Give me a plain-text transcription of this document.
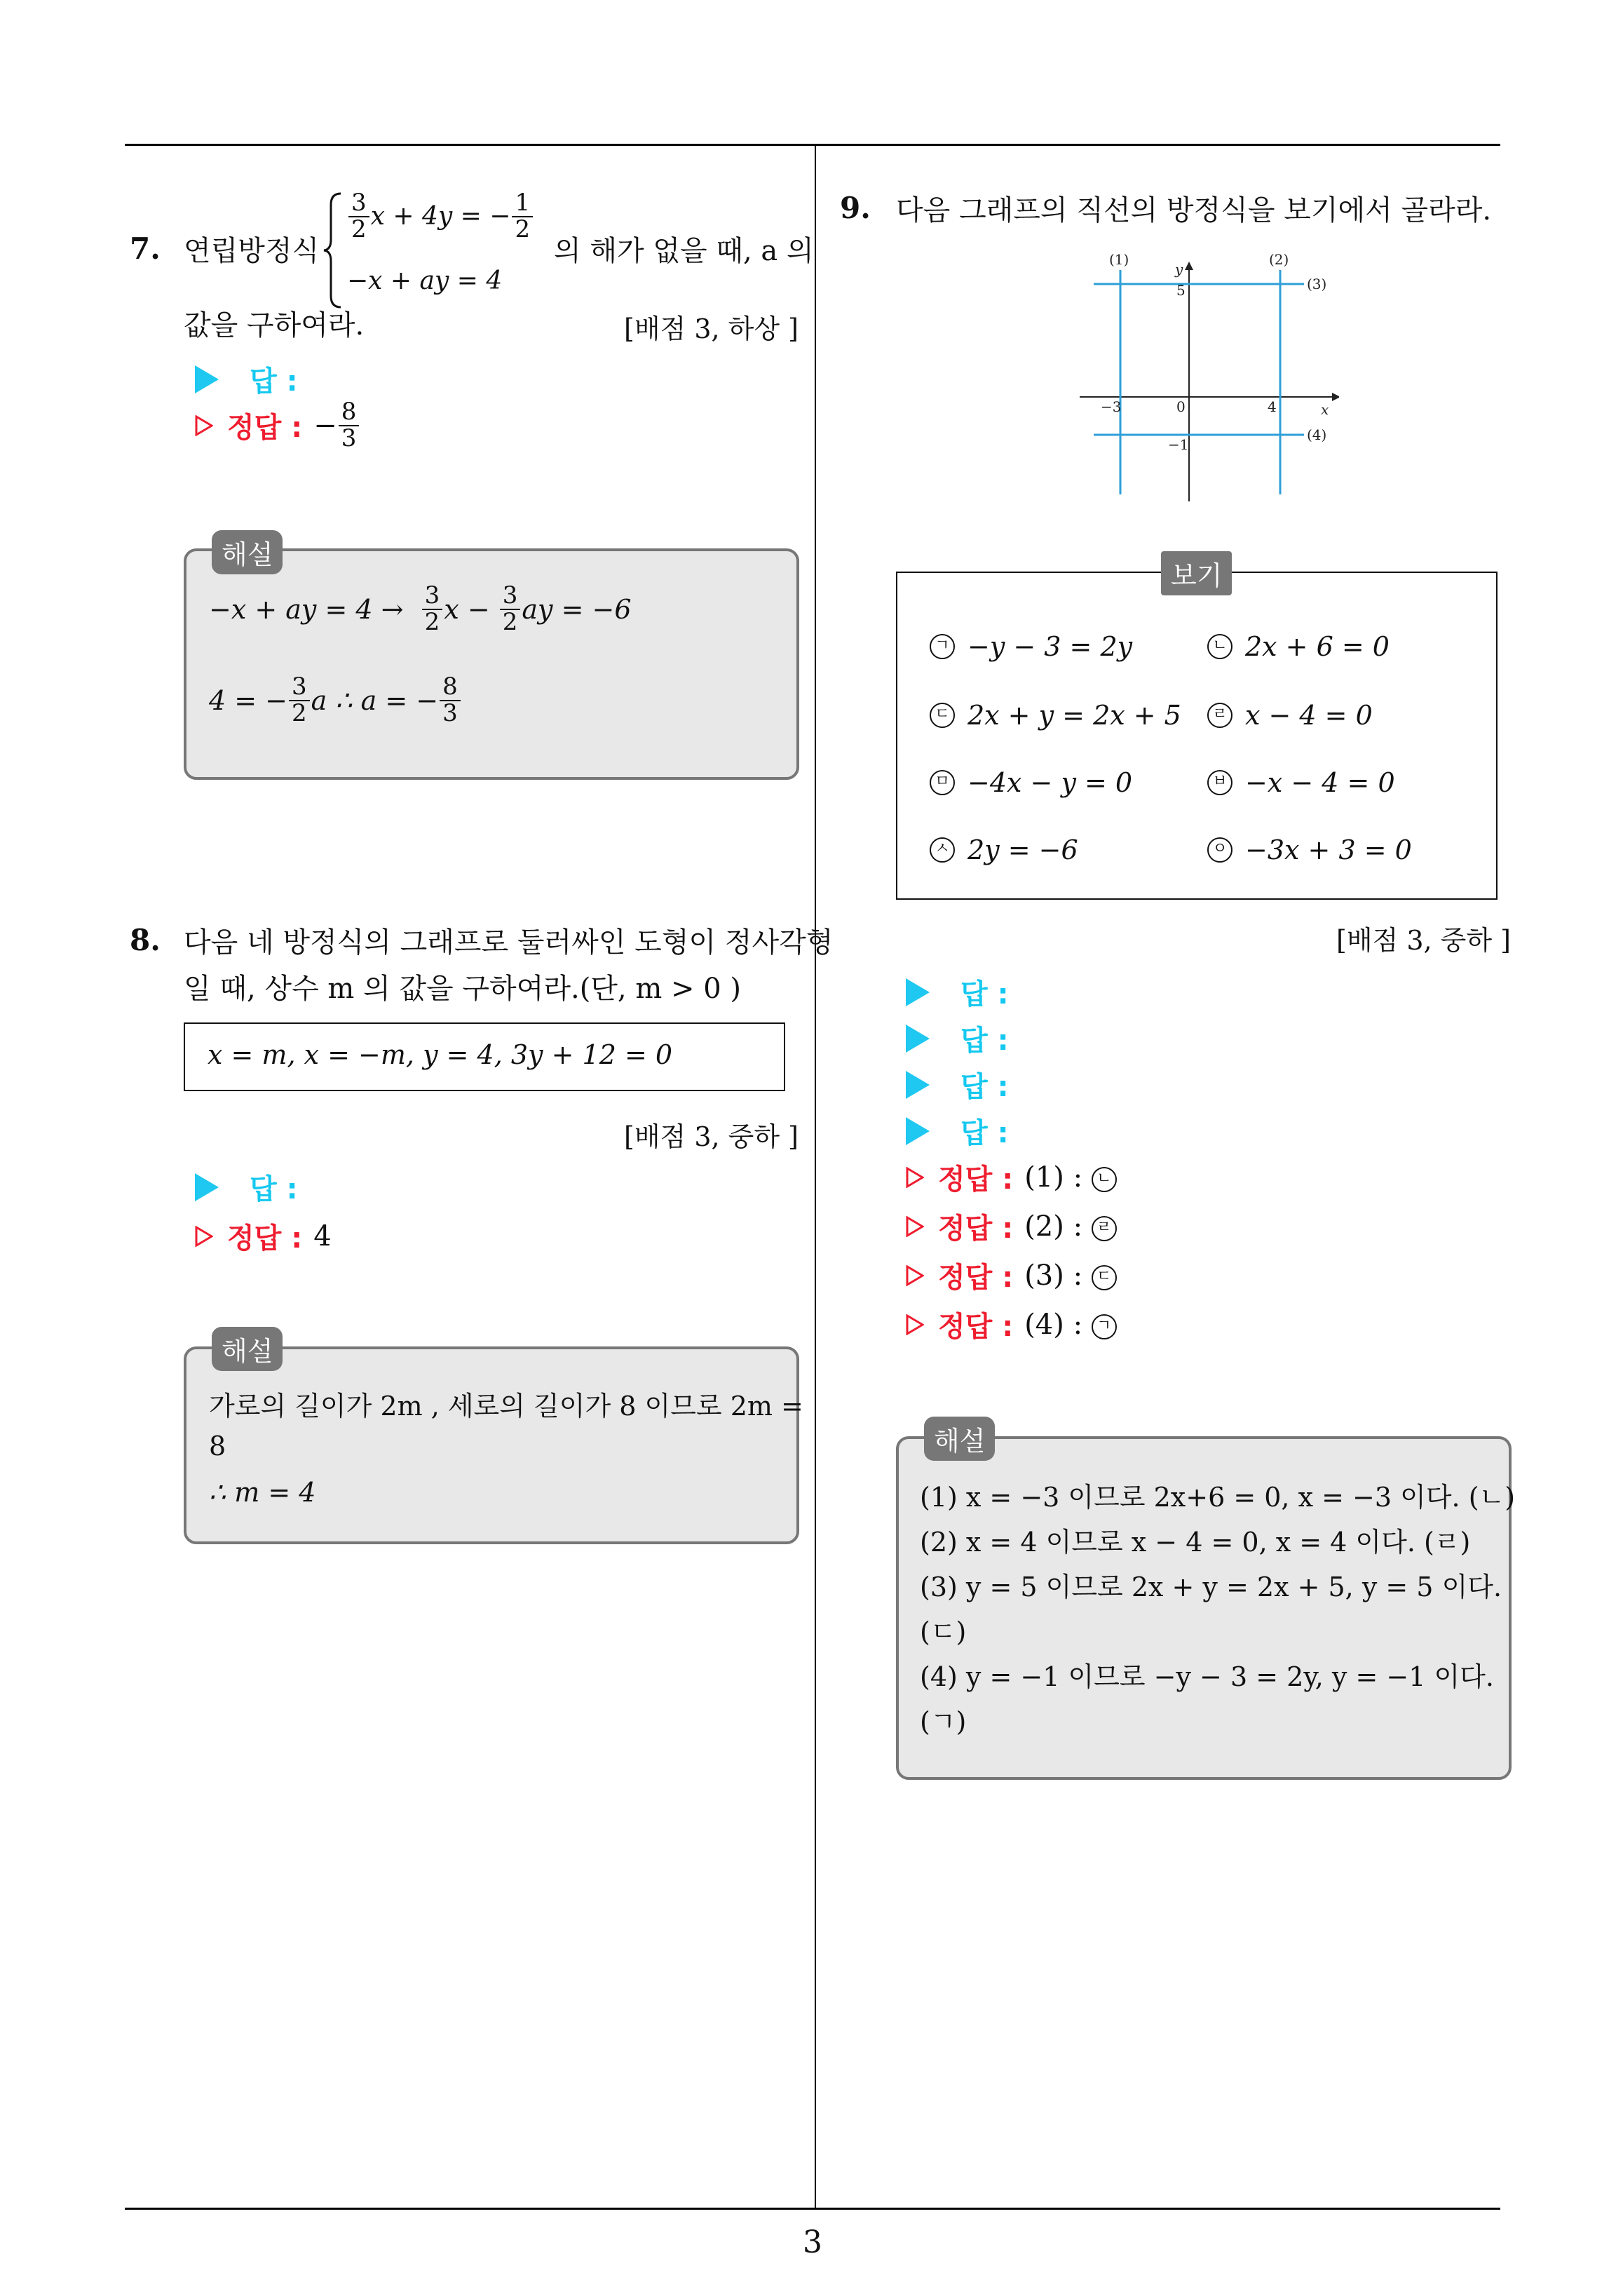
3
7. 연립방정식
$\frac{3}{2}$ x + 4y = − $\frac{1}{2}$
−x + ay = 4
의 해가 없을 때, a 의
값을 구하여라.	[배점 3, 하상 ]
답 :
정답 : − $\frac{8}{3}$
해설
−x + ay = 4 →
$\frac{3}{2}$ x −
$\frac{3}{2}$ ay = −6
4 = − $\frac{3}{2}$ a ∴ a = − $\frac{8}{3}$
8. 다음 네 방정식의 그래프로 둘러싸인 도형이 정사각형
일 때, 상수 m 의 값을 구하여라.(단, m > 0 )
x = m, x = −m, y = 4, 3y + 12 = 0
[배점 3, 중하 ]
답 :
정답 : 4
해설
가로의 길이가 2m , 세로의 길이가 8 이므로 2m =
8
∴ m = 4
9. 다음 그래프의 직선의 방정식을 보기에서 골라라.
(1)	(2)
(3)
(4)
y
x
5
−3	0	4
−1
보기
ㄱ −y − 3 = 2y	ㄴ 2x + 6 = 0
ㄷ 2x + y = 2x + 5	ㄹ x − 4 = 0
ㅁ −4x − y = 0	ㅂ −x − 4 = 0
ㅅ 2y = −6	ㅇ −3x + 3 = 0
[배점 3, 중하 ]
답 :
답 :
답 :
답 :
정답 : (1) : ㄴ
정답 : (2) : ㄹ
정답 : (3) : ㄷ
정답 : (4) : ㄱ
해설
(1) x = −3 이므로 2x+6 = 0, x = −3 이다. (ㄴ)
(2) x = 4 이므로 x − 4 = 0, x = 4 이다. (ㄹ)
(3) y = 5 이므로 2x + y = 2x + 5, y = 5 이다.
(ㄷ)
(4) y = −1 이므로 −y − 3 = 2y, y = −1 이다.
(ㄱ)
